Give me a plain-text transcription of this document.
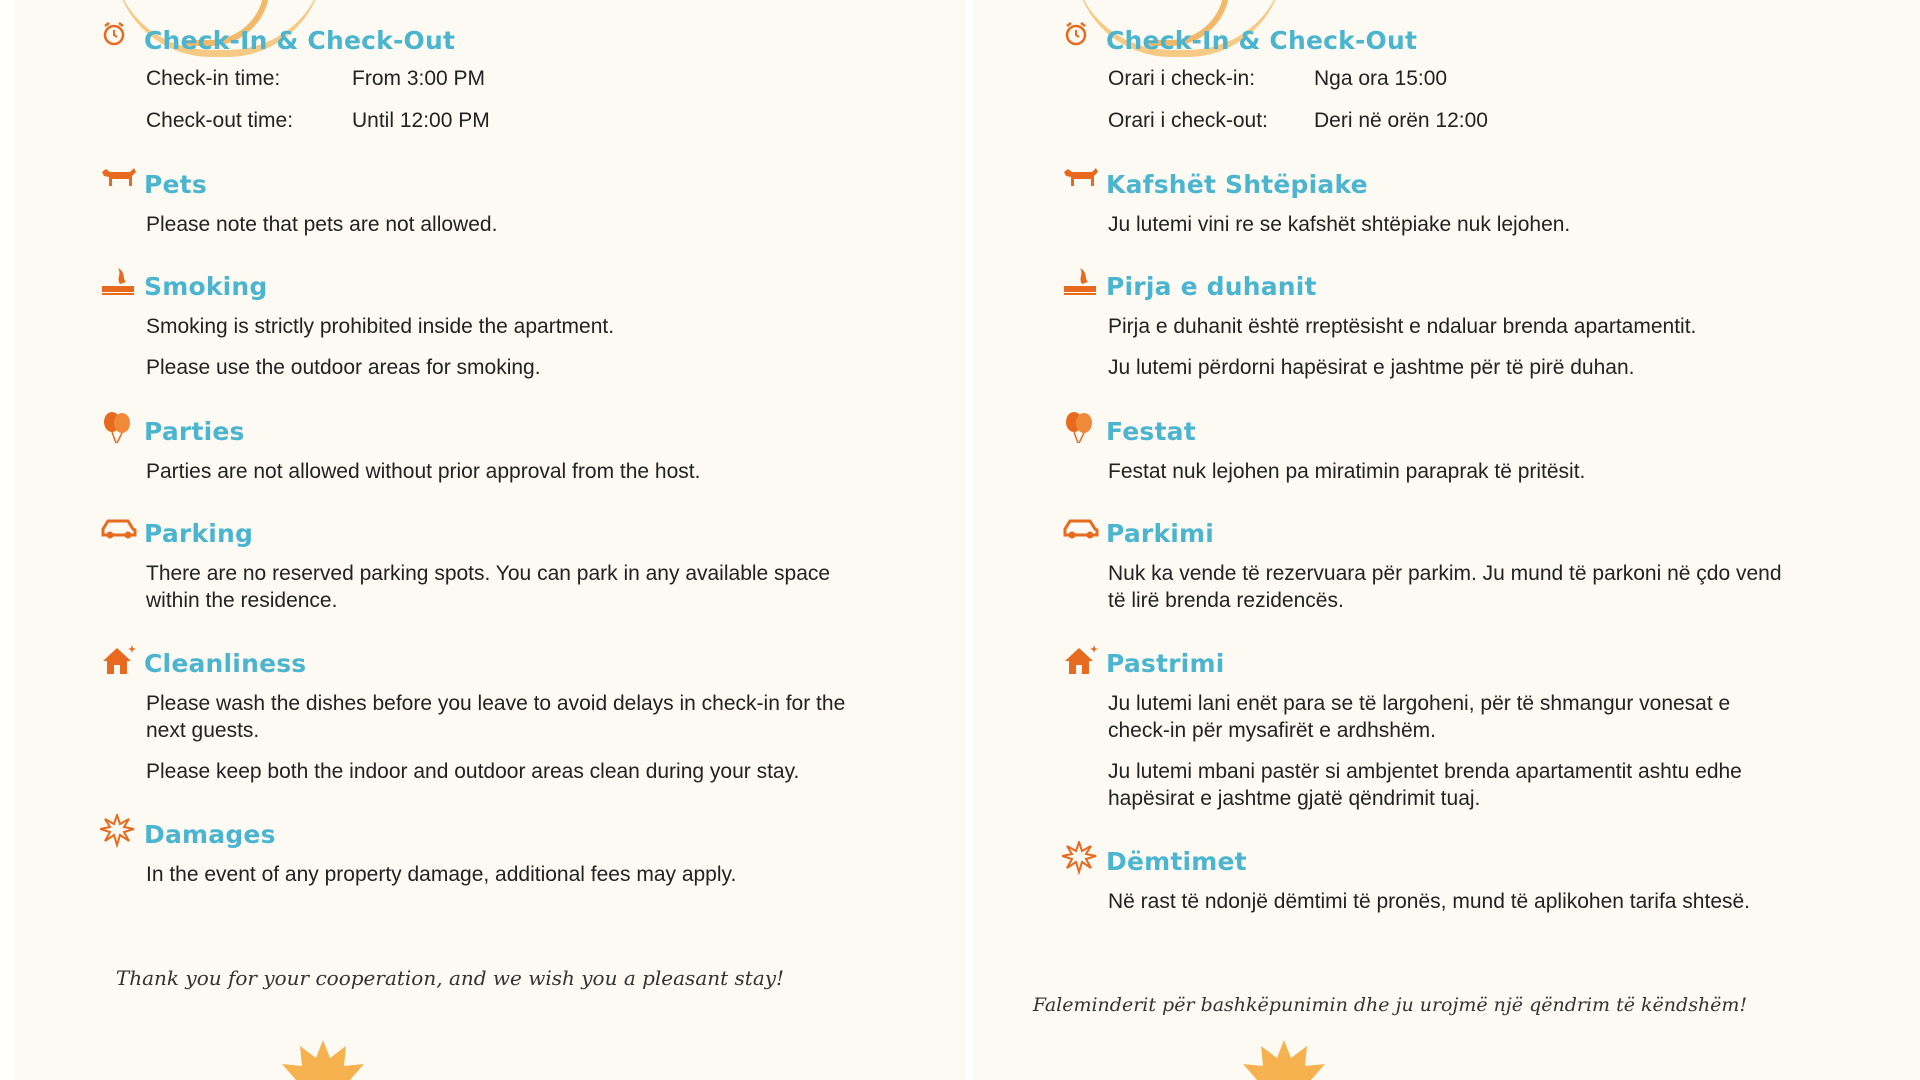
Check-In & Check-Out
Check-in time:	From 3:00 PM
Check-out time:	Until 12:00 PM
Pets
Please note that pets are not allowed.
Smoking
Smoking is strictly prohibited inside the apartment.
Please use the outdoor areas for smoking.
Parties
Parties are not allowed without prior approval from the host.
Parking
There are no reserved parking spots. You can park in any available space within the residence.
Cleanliness
Please wash the dishes before you leave to avoid delays in check-in for the next guests.
Please keep both the indoor and outdoor areas clean during your stay.
Damages
In the event of any property damage, additional fees may apply.
Thank you for your cooperation, and we wish you a pleasant stay!
Check-In & Check-Out
Orari i check-in:	Nga ora 15:00
Orari i check-out:	Deri në orën 12:00
Kafshët Shtëpiake
Ju lutemi vini re se kafshët shtëpiake nuk lejohen.
Pirja e duhanit
Pirja e duhanit është rreptësisht e ndaluar brenda apartamentit.
Ju lutemi përdorni hapësirat e jashtme për të pirë duhan.
Festat
Festat nuk lejohen pa miratimin paraprak të pritësit.
Parkimi
Nuk ka vende të rezervuara për parkim. Ju mund të parkoni në çdo vend të lirë brenda rezidencës.
Pastrimi
Ju lutemi lani enët para se të largoheni, për të shmangur vonesat e check-in për mysafirët e ardhshëm.
Ju lutemi mbani pastër si ambjentet brenda apartamentit ashtu edhe hapësirat e jashtme gjatë qëndrimit tuaj.
Dëmtimet
Në rast të ndonjë dëmtimi të pronës, mund të aplikohen tarifa shtesë.
Faleminderit për bashkëpunimin dhe ju urojmë një qëndrim të këndshëm!
